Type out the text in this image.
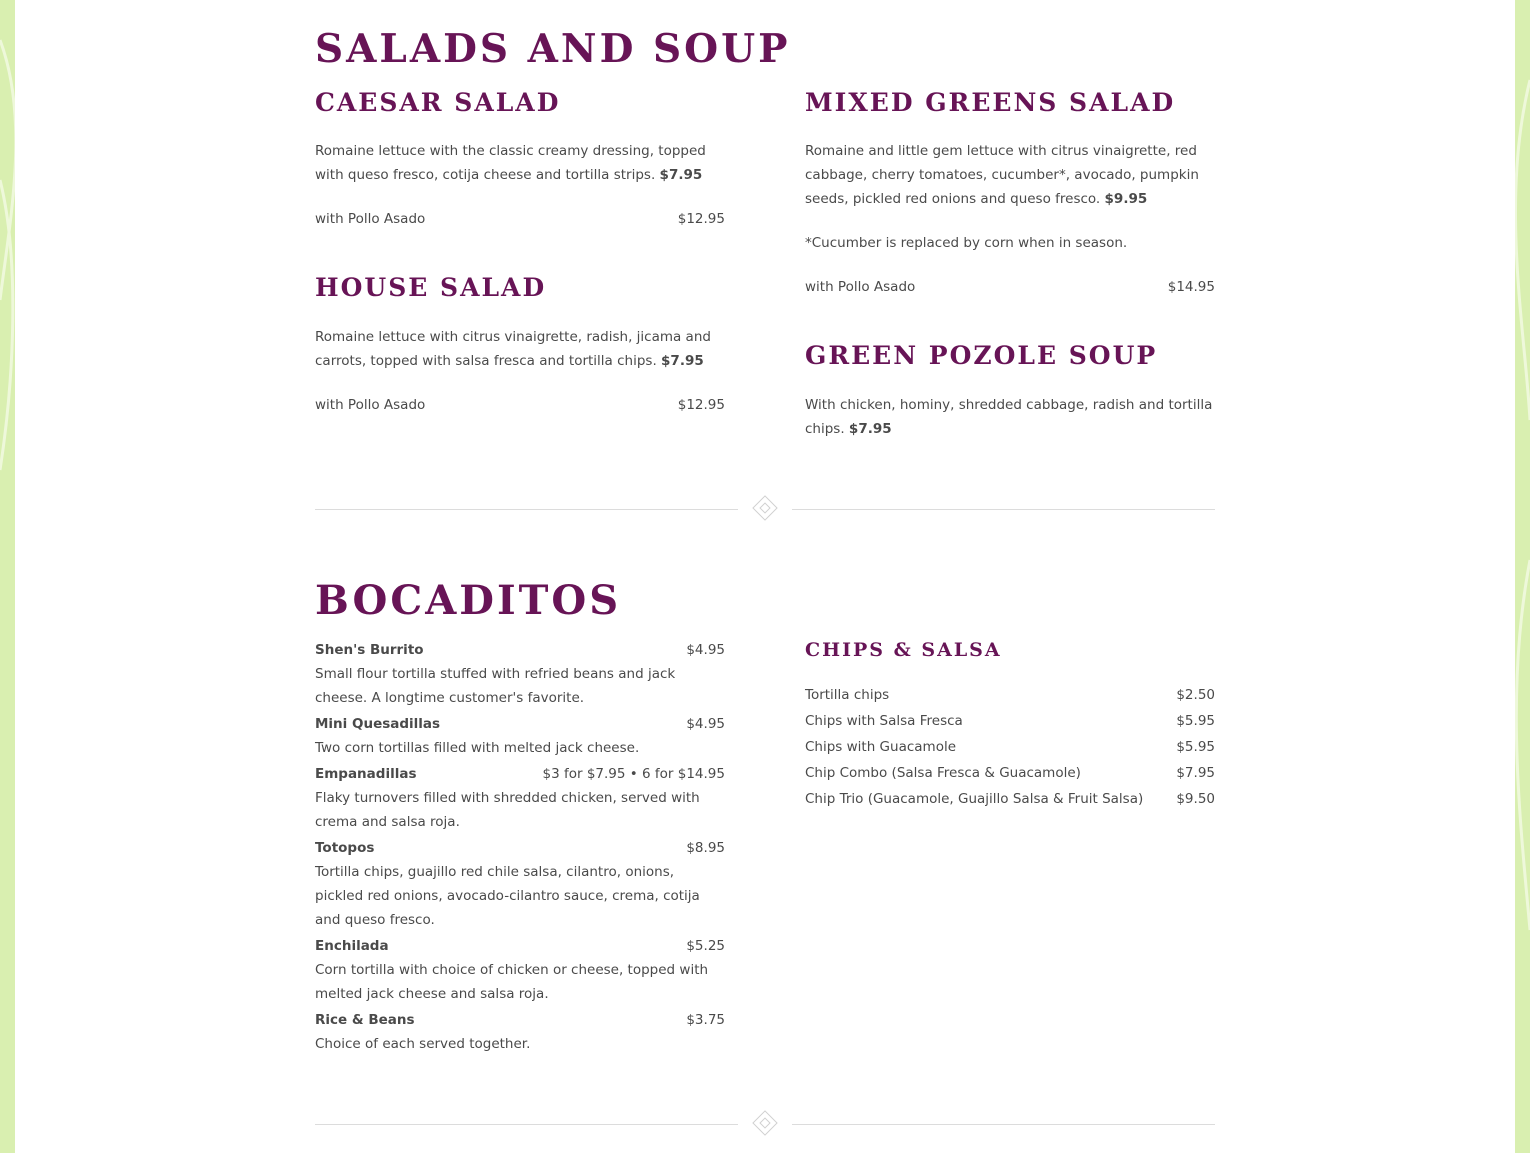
SALADS AND SOUP
CAESAR SALAD

Romaine lettuce with the classic creamy dressing, topped with queso fresco, cotija cheese and tortilla strips. $7.95

with Pollo Asado	$12.95
HOUSE SALAD

Romaine lettuce with citrus vinaigrette, radish, jicama and carrots, topped with salsa fresca and tortilla chips. $7.95

with Pollo Asado	$12.95
MIXED GREENS SALAD

Romaine and little gem lettuce with citrus vinaigrette, red cabbage, cherry tomatoes, cucumber*, avocado, pumpkin seeds, pickled red onions and queso fresco. $9.95

*Cucumber is replaced by corn when in season.

with Pollo Asado	$14.95
GREEN POZOLE SOUP

With chicken, hominy, shredded cabbage, radish and tortilla chips. $7.95

BOCADITOS
Shen's Burrito	$4.95

Small flour tortilla stuffed with refried beans and jack cheese. A longtime customer's favorite.

Mini Quesadillas	$4.95

Two corn tortillas filled with melted jack cheese.

Empanadillas	$3 for $7.95 • 6 for $14.95

Flaky turnovers filled with shredded chicken, served with crema and salsa roja.

Totopos	$8.95

Tortilla chips, guajillo red chile salsa, cilantro, onions, pickled red onions, avocado-cilantro sauce, crema, cotija and queso fresco.

Enchilada	$5.25

Corn tortilla with choice of chicken or cheese, topped with melted jack cheese and salsa roja.

Rice & Beans	$3.75

Choice of each served together.

CHIPS & SALSA
Tortilla chips	$2.50
Chips with Salsa Fresca	$5.95
Chips with Guacamole	$5.95
Chip Combo (Salsa Fresca & Guacamole)	$7.95
Chip Trio (Guacamole, Guajillo Salsa & Fruit Salsa) $9.50
